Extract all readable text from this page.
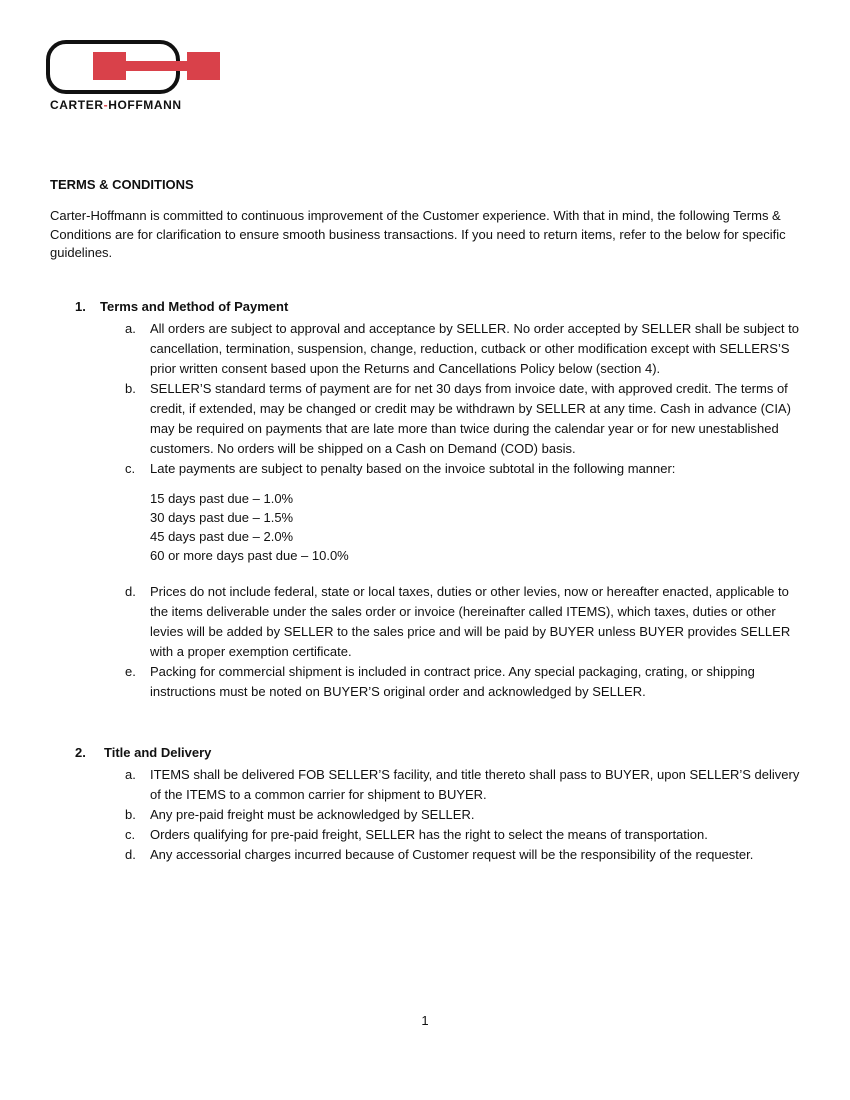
CARTER-HOFFMANN
TERMS & CONDITIONS
Carter-Hoffmann is committed to continuous improvement of the Customer experience. With that in mind, the following Terms & Conditions are for clarification to ensure smooth business transactions. If you need to return items, refer to the below for specific guidelines.
1. Terms and Method of Payment
a. All orders are subject to approval and acceptance by SELLER. No order accepted by SELLER shall be subject to cancellation, termination, suspension, change, reduction, cutback or other modification except with SELLERS’S prior written consent based upon the Returns and Cancellations Policy below (section 4).
b. SELLER’S standard terms of payment are for net 30 days from invoice date, with approved credit. The terms of credit, if extended, may be changed or credit may be withdrawn by SELLER at any time. Cash in advance (CIA) may be required on payments that are late more than twice during the calendar year or for new unestablished customers. No orders will be shipped on a Cash on Demand (COD) basis.
c. Late payments are subject to penalty based on the invoice subtotal in the following manner:
15 days past due – 1.0%
30 days past due – 1.5%
45 days past due – 2.0%
60 or more days past due – 10.0%
d. Prices do not include federal, state or local taxes, duties or other levies, now or hereafter enacted, applicable to the items deliverable under the sales order or invoice (hereinafter called ITEMS), which taxes, duties or other levies will be added by SELLER to the sales price and will be paid by BUYER unless BUYER provides SELLER with a proper exemption certificate.
e. Packing for commercial shipment is included in contract price. Any special packaging, crating, or shipping instructions must be noted on BUYER’S original order and acknowledged by SELLER.
2. Title and Delivery
a. ITEMS shall be delivered FOB SELLER’S facility, and title thereto shall pass to BUYER, upon SELLER’S delivery of the ITEMS to a common carrier for shipment to BUYER.
b. Any pre-paid freight must be acknowledged by SELLER.
c. Orders qualifying for pre-paid freight, SELLER has the right to select the means of transportation.
d. Any accessorial charges incurred because of Customer request will be the responsibility of the requester.
1
